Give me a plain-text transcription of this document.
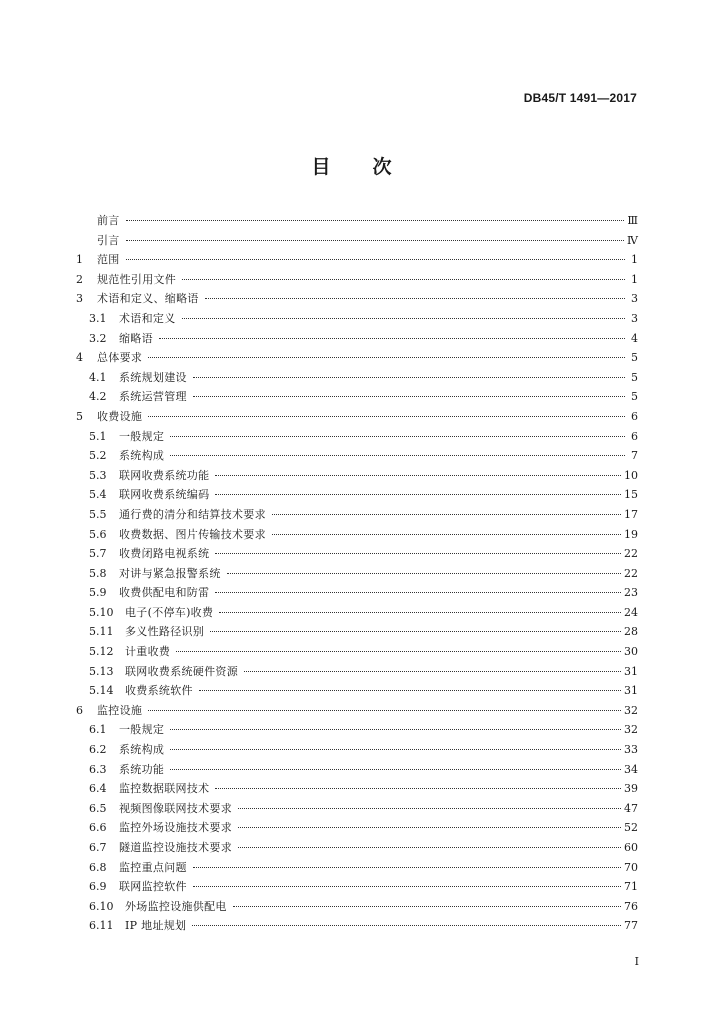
DB45/T 1491—2017
目次
前言	Ⅲ
引言	Ⅳ
1	范围	1
2	规范性引用文件	1
3	术语和定义、缩略语	3
3.1	术语和定义	3
3.2	缩略语	4
4	总体要求	5
4.1	系统规划建设	5
4.2	系统运营管理	5
5	收费设施	6
5.1	一般规定	6
5.2	系统构成	7
5.3	联网收费系统功能	10
5.4	联网收费系统编码	15
5.5	通行费的清分和结算技术要求	17
5.6	收费数据、图片传输技术要求	19
5.7	收费闭路电视系统	22
5.8	对讲与紧急报警系统	22
5.9	收费供配电和防雷	23
5.10	电子(不停车)收费	24
5.11	多义性路径识别	28
5.12	计重收费	30
5.13	联网收费系统硬件资源	31
5.14	收费系统软件	31
6	监控设施	32
6.1	一般规定	32
6.2	系统构成	33
6.3	系统功能	34
6.4	监控数据联网技术	39
6.5	视频图像联网技术要求	47
6.6	监控外场设施技术要求	52
6.7	隧道监控设施技术要求	60
6.8	监控重点问题	70
6.9	联网监控软件	71
6.10	外场监控设施供配电	76
6.11	IP 地址规划	77
I
